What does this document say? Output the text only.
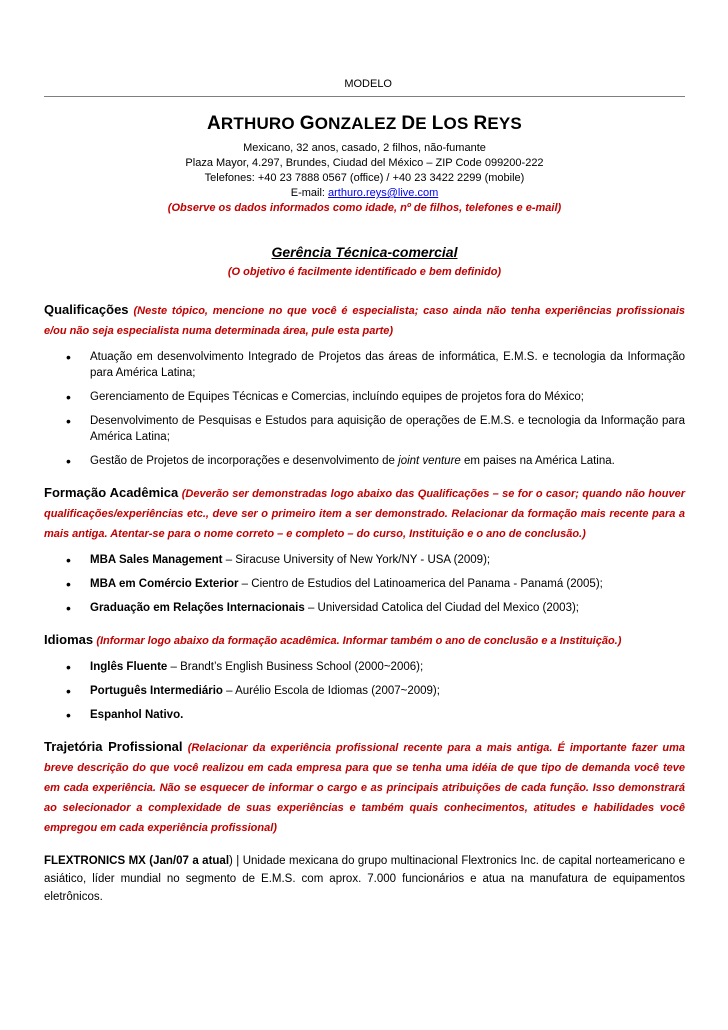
MODELO
ARTHURO GONZALEZ DE LOS REYS
Mexicano, 32 anos, casado, 2 filhos, não-fumante
Plaza Mayor, 4.297, Brundes, Ciudad del México – ZIP Code 099200-222
Telefones: +40 23 7888 0567 (office) / +40 23 3422 2299 (mobile)
E-mail: arthuro.reys@live.com
(Observe os dados informados como idade, nº de filhos, telefones e e-mail)
Gerência Técnica-comercial
(O objetivo é facilmente identificado e bem definido)
Qualificações (Neste tópico, mencione no que você é especialista; caso ainda não tenha experiências profissionais e/ou não seja especialista numa determinada área, pule esta parte)
• Atuação em desenvolvimento Integrado de Projetos das áreas de informática, E.M.S. e tecnologia da Informação para América Latina;
• Gerenciamento de Equipes Técnicas e Comercias, incluíndo equipes de projetos fora do México;
• Desenvolvimento de Pesquisas e Estudos para aquisição de operações de E.M.S. e tecnologia da Informação para América Latina;
• Gestão de Projetos de incorporações e desenvolvimento de joint venture em paises na América Latina.
Formação Acadêmica (Deverão ser demonstradas logo abaixo das Qualificações – se for o casor; quando não houver qualificações/experiências etc., deve ser o primeiro item a ser demonstrado. Relacionar da formação mais recente para a mais antiga. Atentar-se para o nome correto – e completo – do curso, Instituição e o ano de conclusão.)
• MBA Sales Management – Siracuse University of New York/NY - USA (2009);
• MBA em Comércio Exterior – Cientro de Estudios del Latinoamerica del Panama - Panamá (2005);
• Graduação em Relações Internacionais – Universidad Catolica del Ciudad del Mexico (2003);
Idiomas (Informar logo abaixo da formação acadêmica. Informar também o ano de conclusão e a Instituição.)
• Inglês Fluente – Brandt’s English Business School (2000~2006);
• Português Intermediário – Aurélio Escola de Idiomas (2007~2009);
• Espanhol Nativo.
Trajetória Profissional (Relacionar da experiência profissional recente para a mais antiga. É importante fazer uma breve descrição do que você realizou em cada empresa para que se tenha uma idéia de que tipo de demanda você teve em cada experiência. Não se esquecer de informar o cargo e as principais atribuições de cada função. Isso demonstrará ao selecionador a complexidade de suas experiências e também quais conhecimentos, atitudes e habilidades você empregou em cada experiência profissional)
FLEXTRONICS MX (Jan/07 a atual) | Unidade mexicana do grupo multinacional Flextronics Inc. de capital norteamericano e asiático, líder mundial no segmento de E.M.S. com aprox. 7.000 funcionários e atua na manufatura de equipamentos eletrônicos.
